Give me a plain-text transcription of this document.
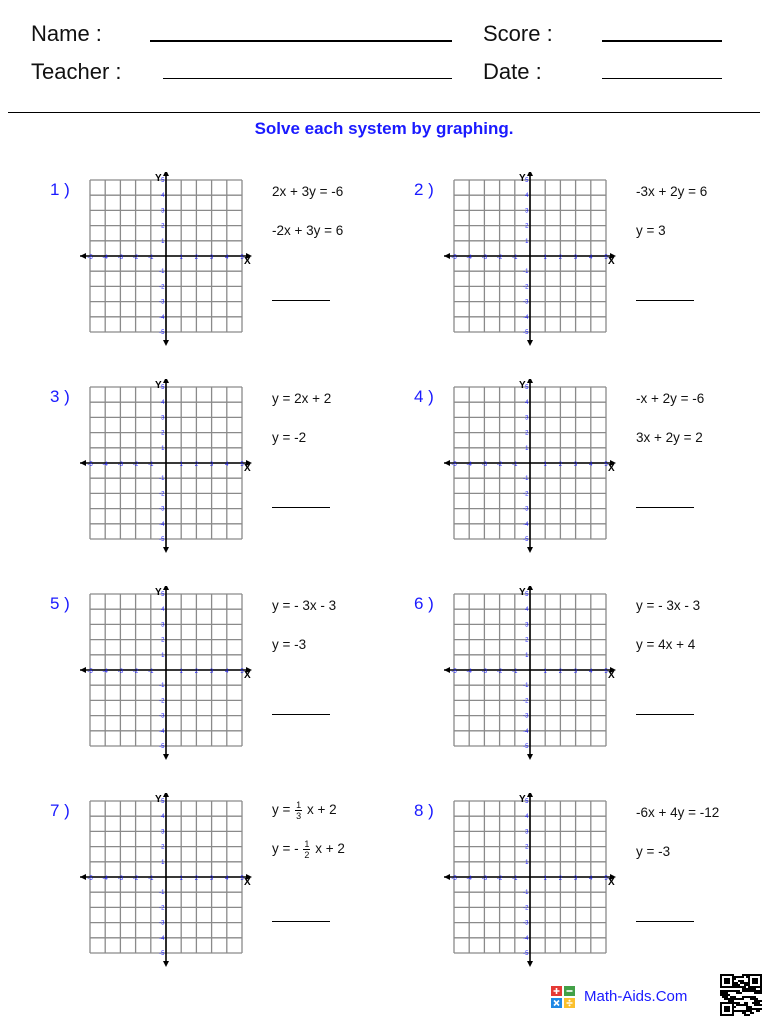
Name :
Teacher :
Score :
Date :
Solve each system by graphing.
1 )
X
Y
-5
-5
-4
-4
-3
-3
-2
-2
-1
-1
1
1
2
2
3
3
4
4
5
5
2x + 3y = -6
-2x + 3y = 6
2 )
X
Y
-5
-5
-4
-4
-3
-3
-2
-2
-1
-1
1
1
2
2
3
3
4
4
5
5
-3x + 2y = 6
y = 3
3 )
X
Y
-5
-5
-4
-4
-3
-3
-2
-2
-1
-1
1
1
2
2
3
3
4
4
5
5
y = 2x + 2
y = -2
4 )
X
Y
-5
-5
-4
-4
-3
-3
-2
-2
-1
-1
1
1
2
2
3
3
4
4
5
5
-x + 2y = -6
3x + 2y = 2
5 )
X
Y
-5
-5
-4
-4
-3
-3
-2
-2
-1
-1
1
1
2
2
3
3
4
4
5
5
y = - 3x - 3
y = -3
6 )
X
Y
-5
-5
-4
-4
-3
-3
-2
-2
-1
-1
1
1
2
2
3
3
4
4
5
5
y = - 3x - 3
y = 4x + 4
7 )
X
Y
-5
-5
-4
-4
-3
-3
-2
-2
-1
-1
1
1
2
2
3
3
4
4
5
5
$y = \frac{1}{3}$ x + 2
y = - $\frac{1}{2}$ x + 2
8 )
X
Y
-5
-5
-4
-4
-3
-3
-2
-2
-1
-1
1
1
2
2
3
3
4
4
5
5
-6x + 4y = -12
y = -3
Math-Aids.Com
